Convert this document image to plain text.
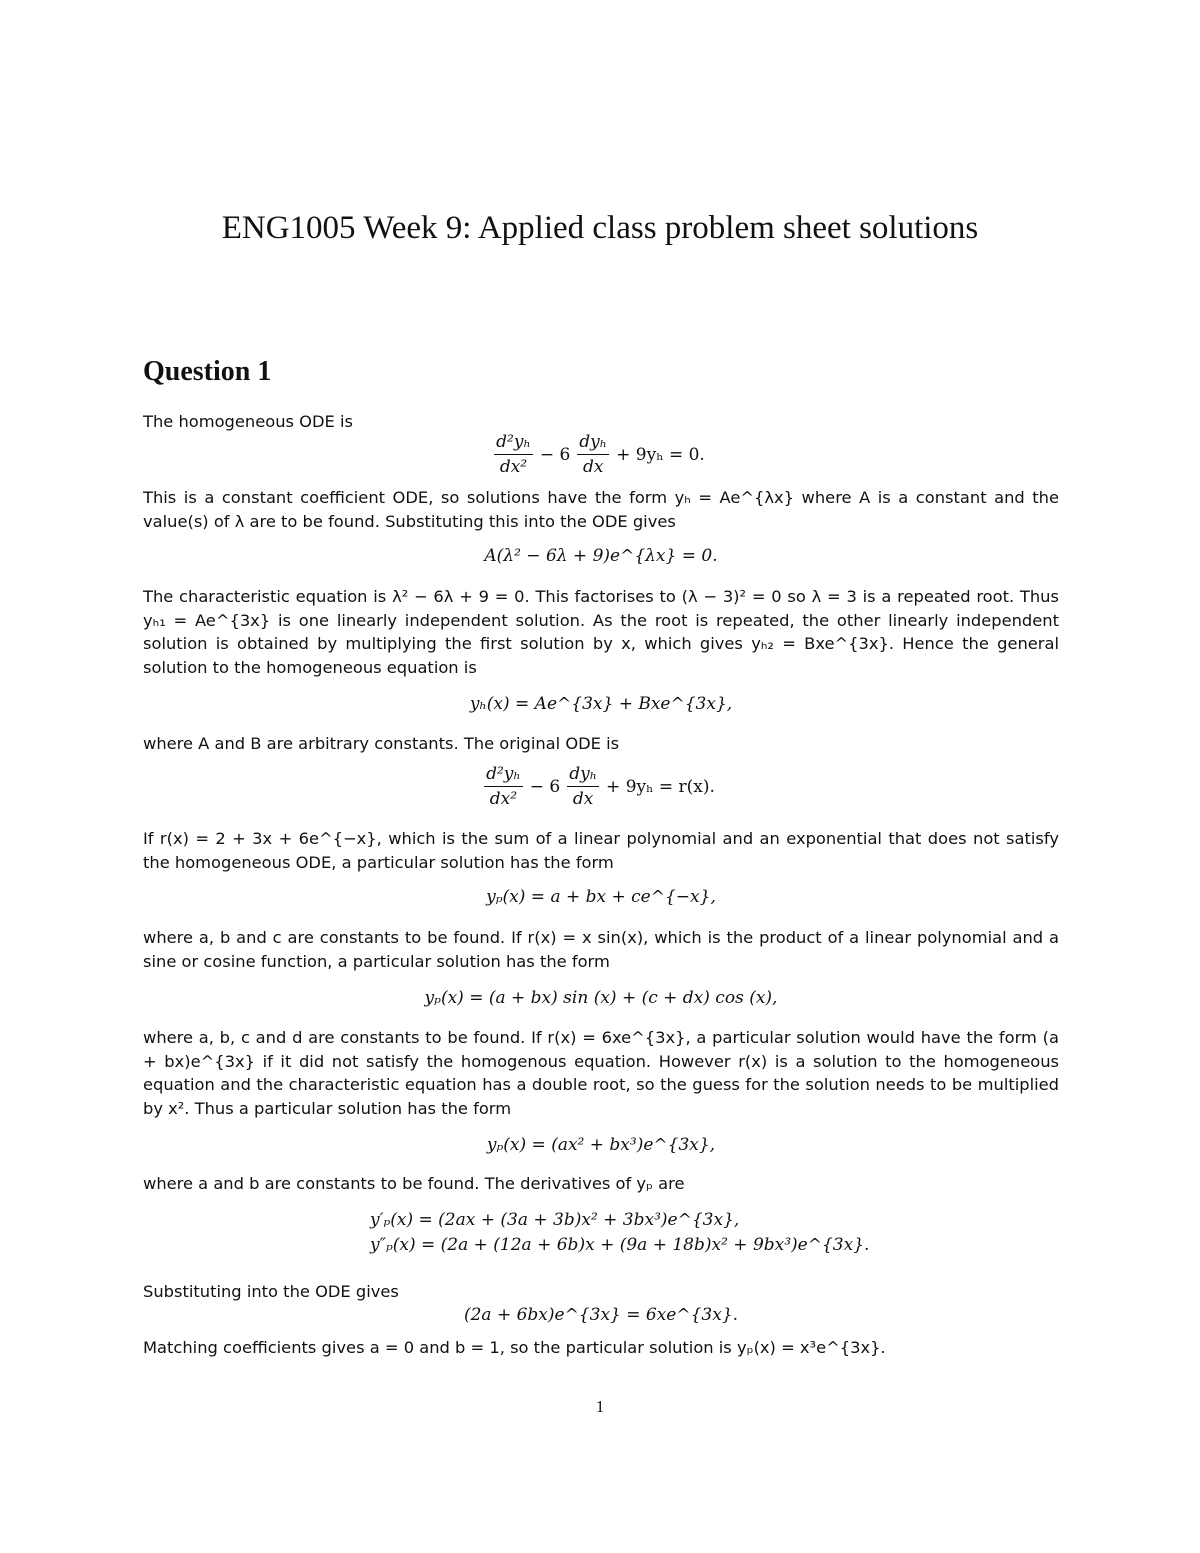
ENG1005 Week 9: Applied class problem sheet solutions
Question 1

The homogeneous ODE is

$\frac{\text{d²yₕ}}{\text{dx²}} - 6 \frac{\text{dyₕ}}{dx} + 9y_h = 0$.

This is a constant coefficient ODE, so solutions have the form yₕ = Ae^{λx} where A is a constant and the value(s) of λ are to be found. Substituting this into the ODE gives

A(λ² − 6λ + 9)e^{λx} = 0.

The characteristic equation is λ² − 6λ + 9 = 0. This factorises to (λ − 3)² = 0 so λ = 3 is a repeated root. Thus yₕ₁ = Ae^{3x} is one linearly independent solution. As the root is repeated, the other linearly independent solution is obtained by multiplying the first solution by x, which gives yₕ₂ = Bxe^{3x}. Hence the general solution to the homogeneous equation is

yₕ(x) = Ae^{3x} + Bxe^{3x},

where A and B are arbitrary constants. The original ODE is

$\frac{\text{d²yₕ}}{\text{dx²}} - 6 \frac{\text{dyₕ}}{dx} + 9y_h = r(x)$.

If r(x) = 2 + 3x + 6e^{−x}, which is the sum of a linear polynomial and an exponential that does not satisfy the homogeneous ODE, a particular solution has the form

yₚ(x) = a + bx + ce^{−x},

where a, b and c are constants to be found. If r(x) = x sin(x), which is the product of a linear polynomial and a sine or cosine function, a particular solution has the form

yₚ(x) = (a + bx) sin (x) + (c + dx) cos (x),

where a, b, c and d are constants to be found. If r(x) = 6xe^{3x}, a particular solution would have the form (a + bx)e^{3x} if it did not satisfy the homogenous equation. However r(x) is a solution to the homogeneous equation and the characteristic equation has a double root, so the guess for the solution needs to be multiplied by x². Thus a particular solution has the form

yₚ(x) = (ax² + bx³)e^{3x},

where a and b are constants to be found. The derivatives of yₚ are

y′ₚ(x) = (2ax + (3a + 3b)x² + 3bx³)e^{3x},
y″ₚ(x) = (2a + (12a + 6b)x + (9a + 18b)x² + 9bx³)e^{3x}.

Substituting into the ODE gives

(2a + 6bx)e^{3x} = 6xe^{3x}.

Matching coefficients gives a = 0 and b = 1, so the particular solution is yₚ(x) = x³e^{3x}.

1
